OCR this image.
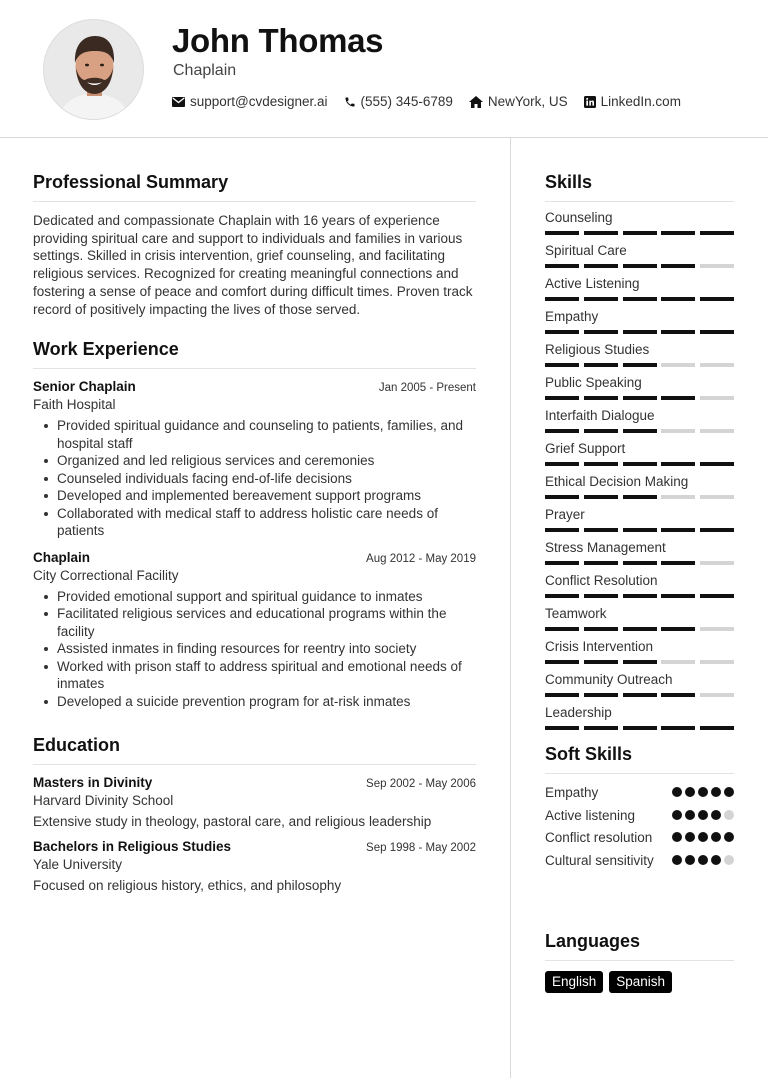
John Thomas
Chaplain
support@cvdesigner.ai (555) 345-6789	NewYork, US LinkedIn.com
Professional Summary

Dedicated and compassionate Chaplain with 16 years of experience providing spiritual care and support to individuals and families in various settings. Skilled in crisis intervention, grief counseling, and facilitating religious services. Recognized for creating meaningful connections and fostering a sense of peace and comfort during difficult times. Proven track record of positively impacting the lives of those served.

Work Experience
Senior Chaplain	Jan 2005 - Present
Faith Hospital
Provided spiritual guidance and counseling to patients, families, and hospital staff
Organized and led religious services and ceremonies
Counseled individuals facing end-of-life decisions
Developed and implemented bereavement support programs
Collaborated with medical staff to address holistic care needs of patients
Chaplain	Aug 2012 - May 2019
City Correctional Facility
Provided emotional support and spiritual guidance to inmates
Facilitated religious services and educational programs within the facility
Assisted inmates in finding resources for reentry into society
Worked with prison staff to address spiritual and emotional needs of inmates
Developed a suicide prevention program for at-risk inmates
Education
Masters in Divinity	Sep 2002 - May 2006
Harvard Divinity School
Extensive study in theology, pastoral care, and religious leadership
Bachelors in Religious Studies	Sep 1998 - May 2002
Yale University
Focused on religious history, ethics, and philosophy
Skills
Counseling
Spiritual Care
Active Listening
Empathy
Religious Studies
Public Speaking
Interfaith Dialogue
Grief Support
Ethical Decision Making
Prayer
Stress Management
Conflict Resolution
Teamwork
Crisis Intervention
Community Outreach
Leadership
Soft Skills
Empathy
Active listening
Conflict resolution
Cultural sensitivity
Languages
English	Spanish
